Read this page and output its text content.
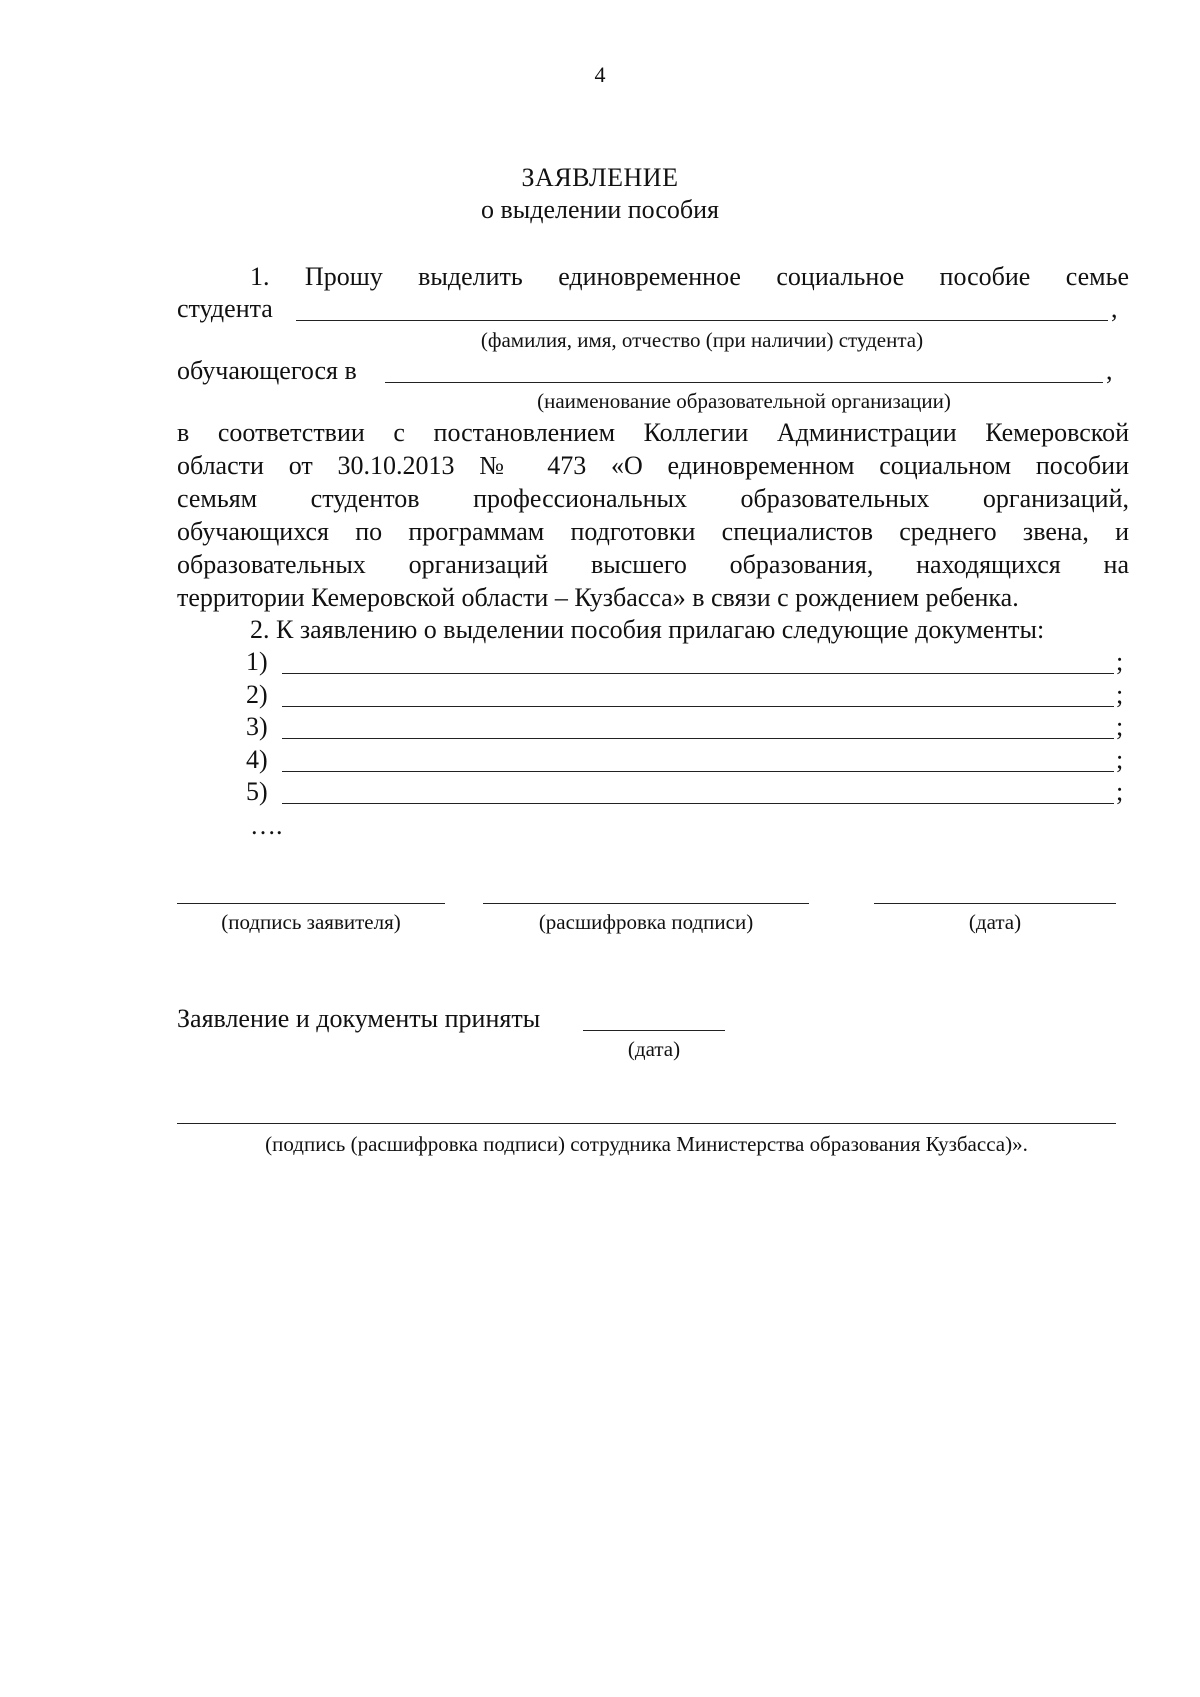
4
ЗАЯВЛЕНИЕ
о выделении пособия
1. Прошу выделить единовременное социальное пособие семье
студента	,
(фамилия, имя, отчество (при наличии) студента)
обучающегося в	,
(наименование образовательной организации)
в соответствии с постановлением Коллегии Администрации Кемеровской
области от 30.10.2013 № 473 «О единовременном социальном пособии
семьям студентов профессиональных образовательных организаций,
обучающихся по программам подготовки специалистов среднего звена, и
образовательных организаций высшего образования, находящихся на
территории Кемеровской области – Кузбасса» в связи с рождением ребенка.
2. К заявлению о выделении пособия прилагаю следующие документы:
1)	;
2)	;
3)	;
4)	;
5)	;
….
(подпись заявителя)	(расшифровка подписи)	(дата)
Заявление и документы приняты
(дата)
(подпись (расшифровка подписи) сотрудника Министерства образования Кузбасса)».
